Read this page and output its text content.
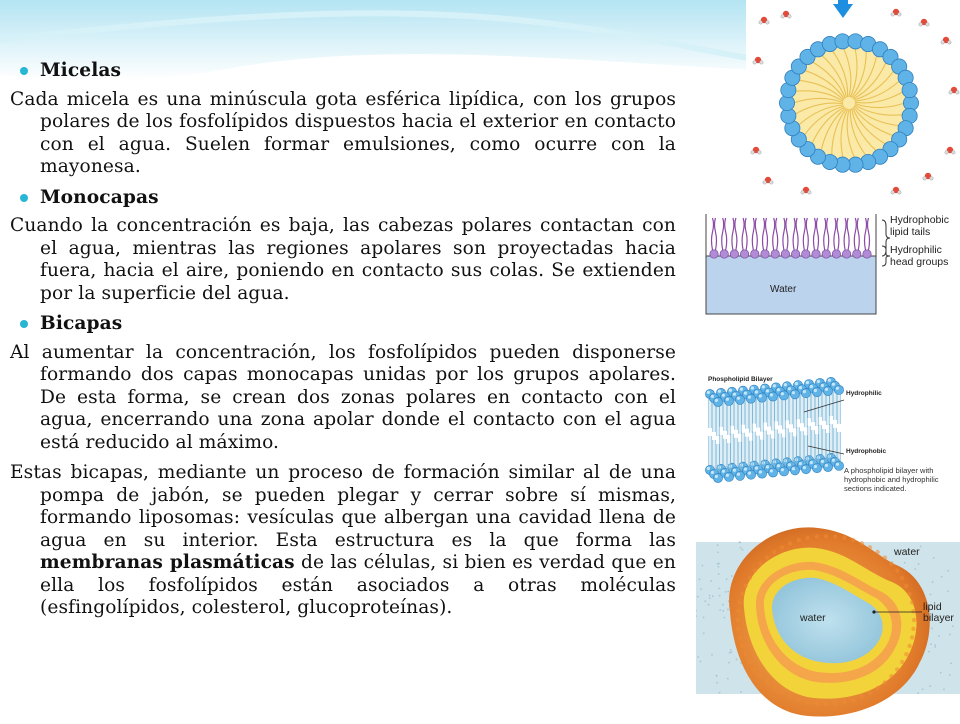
Micelas

Cada micela es una minúscula gota esférica lipídica, con los grupos polares de los fosfolípidos dispuestos hacia el exterior en contacto con el agua. Suelen formar emulsiones, como ocurre con la mayonesa.

Monocapas

Cuando la concentración es baja, las cabezas polares contactan con el agua, mientras las regiones apolares son proyectadas hacia fuera, hacia el aire, poniendo en contacto sus colas. Se extienden por la superficie del agua.

Bicapas

Al aumentar la concentración, los fosfolípidos pueden disponerse formando dos capas monocapas unidas por los grupos apolares. De esta forma, se crean dos zonas polares en contacto con el agua, encerrando una zona apolar donde el contacto con el agua está reducido al máximo.

Estas bicapas, mediante un proceso de formación similar al de una pompa de jabón, se pueden plegar y cerrar sobre sí mismas, formando liposomas: vesículas que albergan una cavidad llena de agua en su interior. Esta estructura es la que forma las membranas plasmáticas de las células, si bien es verdad que en ella los fosfolípidos están asociados a otras moléculas (esfingolípidos, colesterol, glucoproteínas).

Water
Hydrophobic lipid tails
Hydrophilic head groups
Phospholipid Bilayer
Hydrophilic
Hydrophobic
A phospholipid bilayer with hydrophobic and hydrophilic sections indicated.
water
water
lipid bilayer
